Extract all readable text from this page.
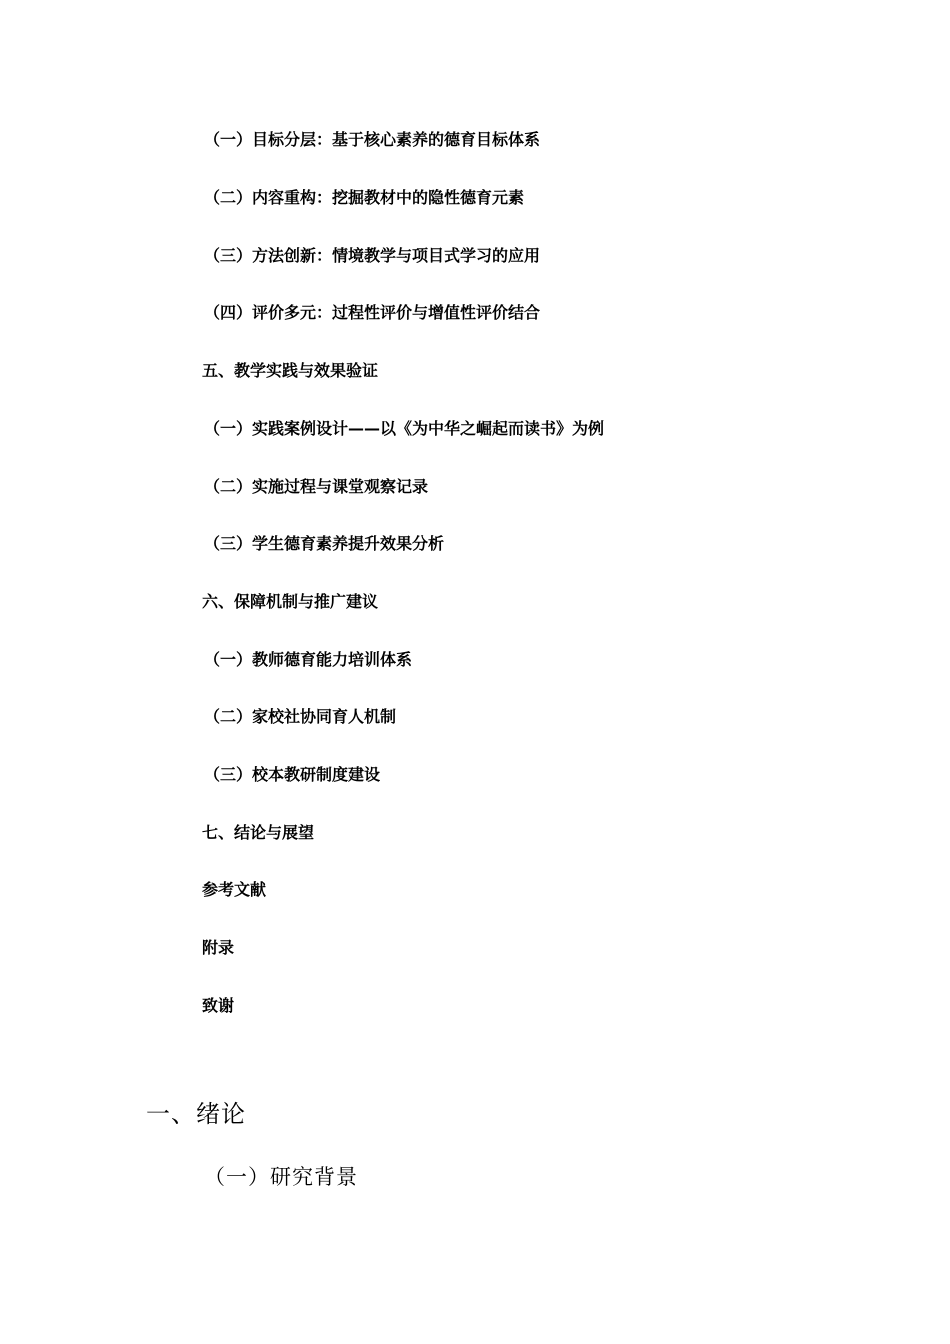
（一）目标分层：基于核心素养的德育目标体系
（二）内容重构：挖掘教材中的隐性德育元素
（三）方法创新：情境教学与项目式学习的应用
（四）评价多元：过程性评价与增值性评价结合
五、教学实践与效果验证
（一）实践案例设计——以《为中华之崛起而读书》为例
（二）实施过程与课堂观察记录
（三）学生德育素养提升效果分析
六、保障机制与推广建议
（一）教师德育能力培训体系
（二）家校社协同育人机制
（三）校本教研制度建设
七、结论与展望
参考文献
附录
致谢
一、绪论
（一）研究背景
